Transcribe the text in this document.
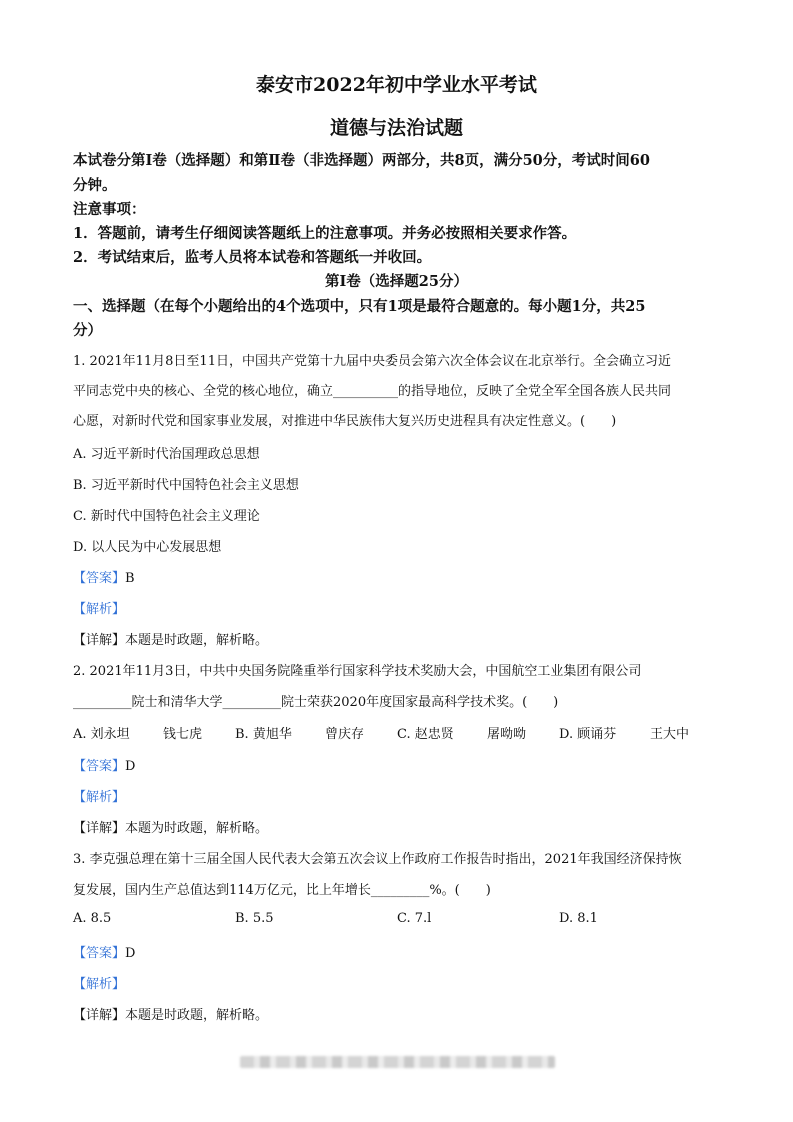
泰安市2022年初中学业水平考试
道德与法治试题
本试卷分第Ⅰ卷（选择题）和第Ⅱ卷（非选择题）两部分，共8页，满分50分，考试时间60
分钟。
注意事项：
1．答题前，请考生仔细阅读答题纸上的注意事项。并务必按照相关要求作答。
2．考试结束后，监考人员将本试卷和答题纸一并收回。
第Ⅰ卷（选择题25分）
一、选择题（在每个小题给出的4个选项中，只有1项是最符合题意的。每小题1分，共25
分）
1. 2021年11月8日至11日，中国共产党第十九届中央委员会第六次全体会议在北京举行。全会确立习近
平同志党中央的核心、全党的核心地位，确立__________的指导地位，反映了全党全军全国各族人民共同
心愿，对新时代党和国家事业发展，对推进中华民族伟大复兴历史进程具有决定性意义。(　　)
A. 习近平新时代治国理政总思想
B. 习近平新时代中国特色社会主义思想
C. 新时代中国特色社会主义理论
D. 以人民为中心发展思想
【答案】B
【解析】
【详解】本题是时政题，解析略。
2. 2021年11月3日，中共中央国务院隆重举行国家科学技术奖励大会，中国航空工业集团有限公司
_________院士和清华大学_________院士荣获2020年度国家最高科学技术奖。(　　)
A. 刘永坦	钱七虎	B. 黄旭华	曾庆存	C. 赵忠贤	屠呦呦	D. 顾诵芬	王大中
【答案】D
【解析】
【详解】本题为时政题，解析略。
3. 李克强总理在第十三届全国人民代表大会第五次会议上作政府工作报告时指出，2021年我国经济保持恢
复发展，国内生产总值达到114万亿元，比上年增长_________%。(　　)
A. 8.5	B. 5.5	C. 7.l	D. 8.1
【答案】D
【解析】
【详解】本题是时政题，解析略。
